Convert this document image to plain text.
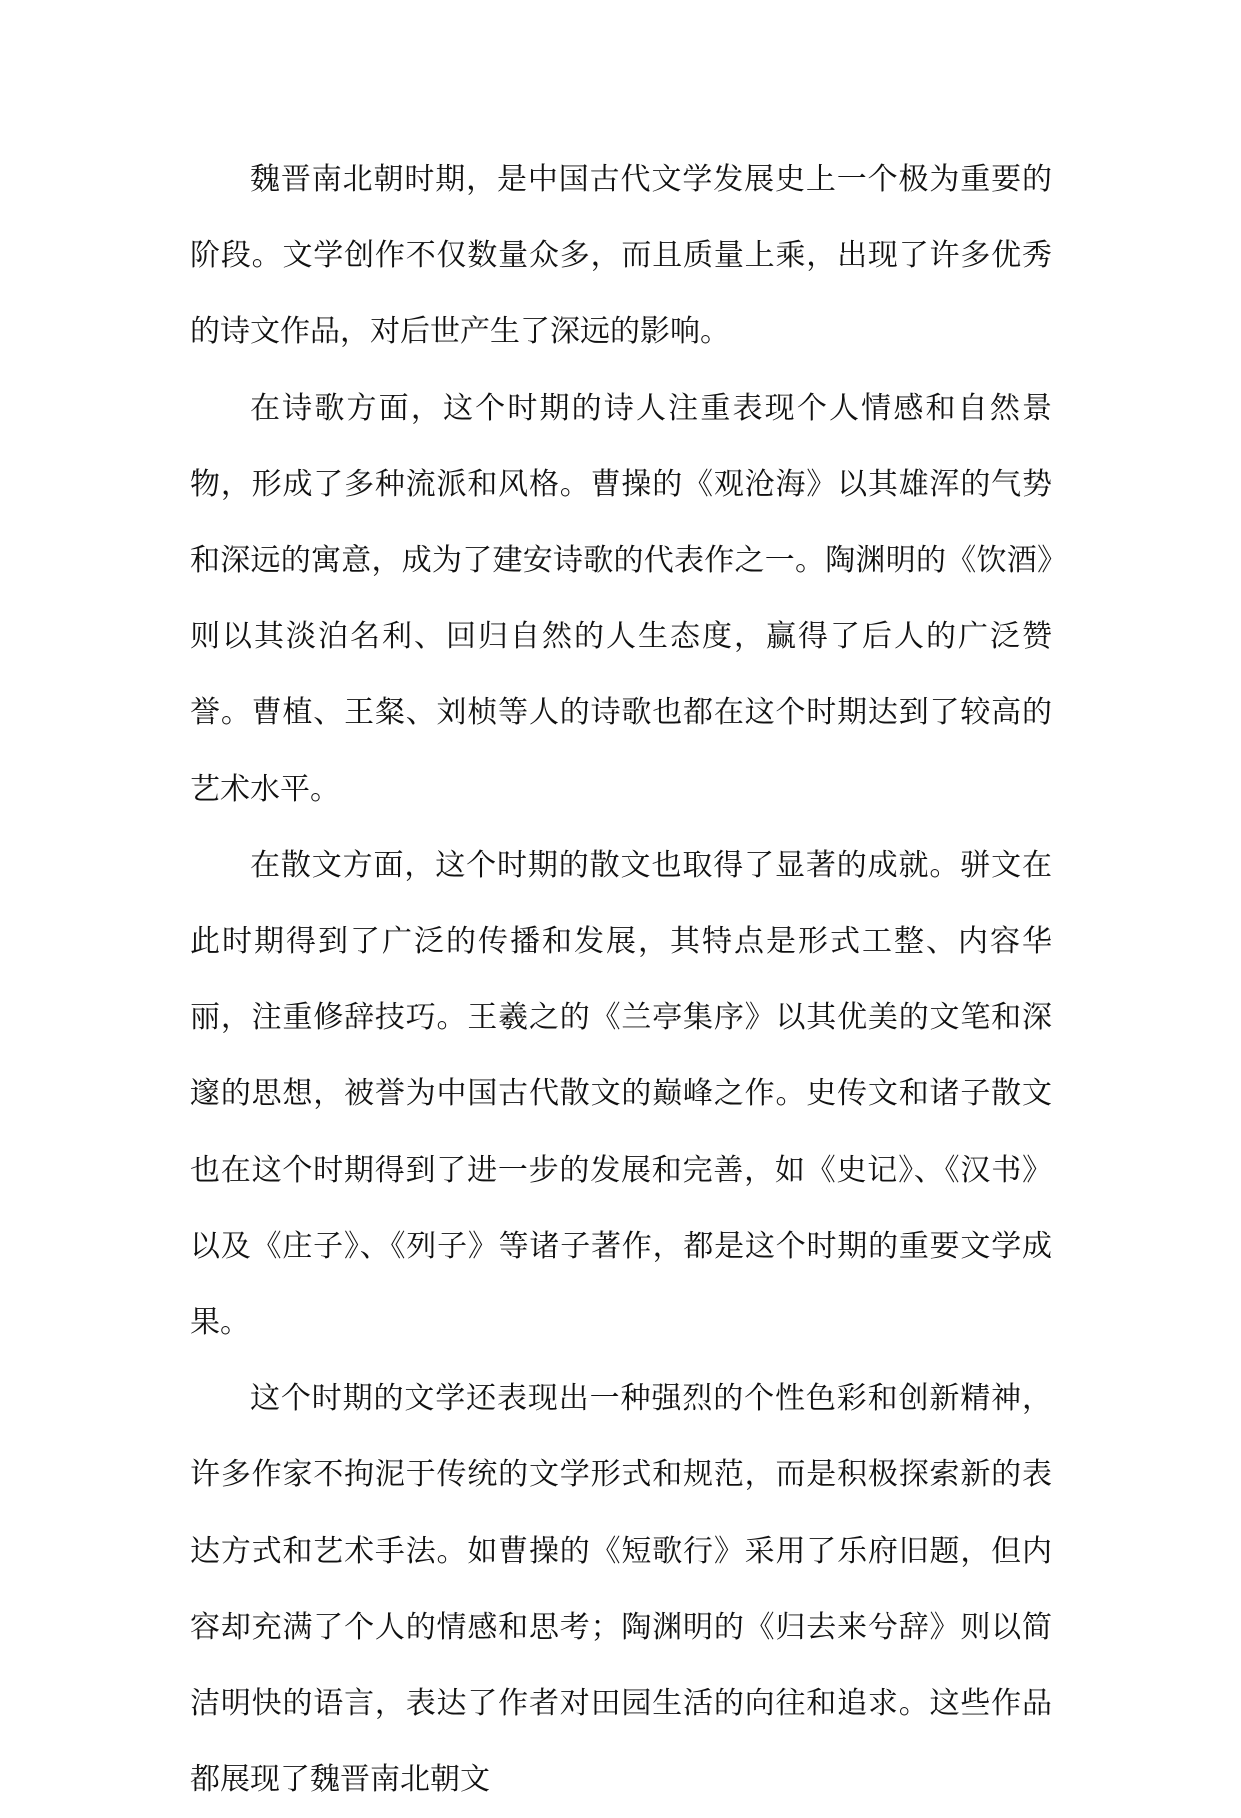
魏晋南北朝时期，是中国古代文学发展史上一个极为重要的阶段。文学创作不仅数量众多，而且质量上乘，出现了许多优秀的诗文作品，对后世产生了深远的影响。

在诗歌方面，这个时期的诗人注重表现个人情感和自然景物，形成了多种流派和风格。曹操的《观沧海》以其雄浑的气势和深远的寓意，成为了建安诗歌的代表作之一。陶渊明的《饮酒》则以其淡泊名利、回归自然的人生态度，赢得了后人的广泛赞誉。曹植、王粲、刘桢等人的诗歌也都在这个时期达到了较高的艺术水平。

在散文方面，这个时期的散文也取得了显著的成就。骈文在此时期得到了广泛的传播和发展，其特点是形式工整、内容华丽，注重修辞技巧。王羲之的《兰亭集序》以其优美的文笔和深邃的思想，被誉为中国古代散文的巅峰之作。史传文和诸子散文也在这个时期得到了进一步的发展和完善，如《史记》、《汉书》以及《庄子》、《列子》等诸子著作，都是这个时期的重要文学成果。

这个时期的文学还表现出一种强烈的个性色彩和创新精神，许多作家不拘泥于传统的文学形式和规范，而是积极探索新的表达方式和艺术手法。如曹操的《短歌行》采用了乐府旧题，但内容却充满了个人的情感和思考；陶渊明的《归去来兮辞》则以简洁明快的语言，表达了作者对田园生活的向往和追求。这些作品都展现了魏晋南北朝文
